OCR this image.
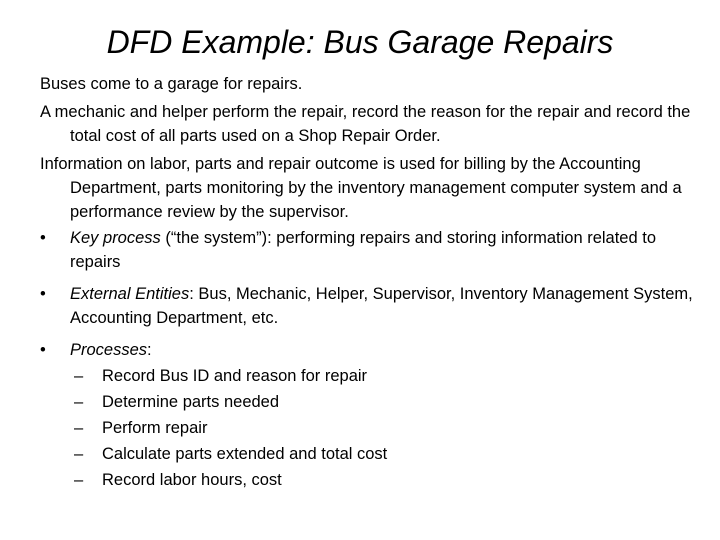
DFD Example: Bus Garage Repairs
Buses come to a garage for repairs.
A mechanic and helper perform the repair, record the reason for the repair and record the total cost of all parts used on a Shop Repair Order.
Information on labor, parts and repair outcome is used for billing by the Accounting Department, parts monitoring by the inventory management computer system and a performance review by the supervisor.
• Key process (“the system”): performing repairs and storing information related to repairs
• External Entities: Bus, Mechanic, Helper, Supervisor, Inventory Management System, Accounting Department, etc.
• Processes:
– Record Bus ID and reason for repair
– Determine parts needed
– Perform repair
– Calculate parts extended and total cost
– Record labor hours, cost
